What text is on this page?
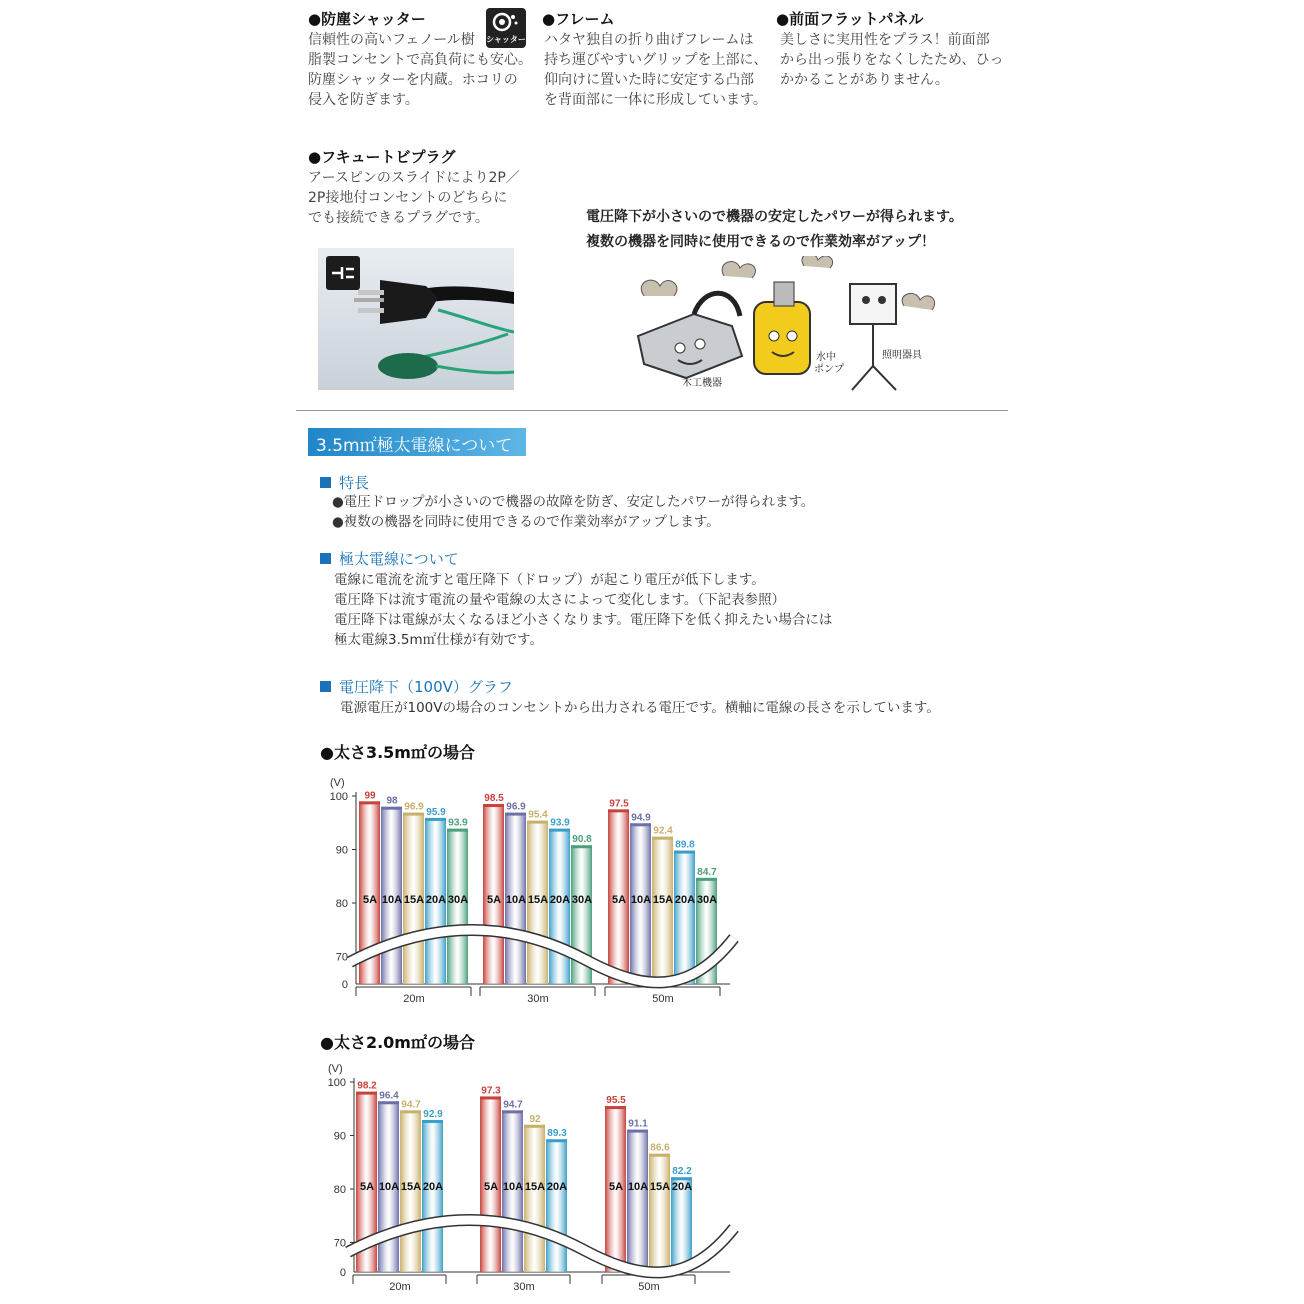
●防塵シャッター
シャッター

信頼性の高いフェノール樹

脂製コンセントで高負荷にも安心。

防塵シャッターを内蔵。ホコリの

侵入を防ぎます。

●フレーム

ハタヤ独自の折り曲げフレームは

持ち運びやすいグリップを上部に、

仰向けに置いた時に安定する凸部

を背面部に一体に形成しています。

●前面フラットパネル

美しさに実用性をプラス！前面部

から出っ張りをなくしたため、ひっ

かかることがありません。

●フキュートビプラグ

アースピンのスライドにより2P／

2P接地付コンセントのどちらに

でも接続できるプラグです。	電圧降下が小さいので機器の安定したパワーが得られます。
複数の機器を同時に使用できるので作業効率がアップ！
木工機器
水中
ポンプ
照明器具
3.5m㎡極太電線について
特長
●電圧ドロップが小さいので機器の故障を防ぎ、安定したパワーが得られます。
●複数の機器を同時に使用できるので作業効率がアップします。
極太電線について
電線に電流を流すと電圧降下（ドロップ）が起こり電圧が低下します。
電圧降下は流す電流の量や電線の太さによって変化します。（下記表参照）
電圧降下は電線が太くなるほど小さくなります。電圧降下を低く抑えたい場合には
極太電線3.5m㎡仕様が有効です。
電圧降下（100V）グラフ
電源電圧が100Vの場合のコンセントから出力される電圧です。横軸に電線の長さを示しています。
●太さ3.5m㎡の場合
(V)
100
90
80
70
0
99
5A
98
10A
96.9
15A
95.9
20A
93.9
30A
20m
98.5
5A
96.9
10A
95.4
15A
93.9
20A
90.8
30A
30m
97.5
5A
94.9
10A
92.4
15A
89.8
20A
84.7
30A
50m
●太さ2.0m㎡の場合
(V)
100
90
80
70
0
98.2
5A
96.4
10A
94.7
15A
92.9
20A
20m
97.3
5A
94.7
10A
92
15A
89.3
20A
30m
95.5
5A
91.1
10A
86.6
15A
82.2
20A
50m
